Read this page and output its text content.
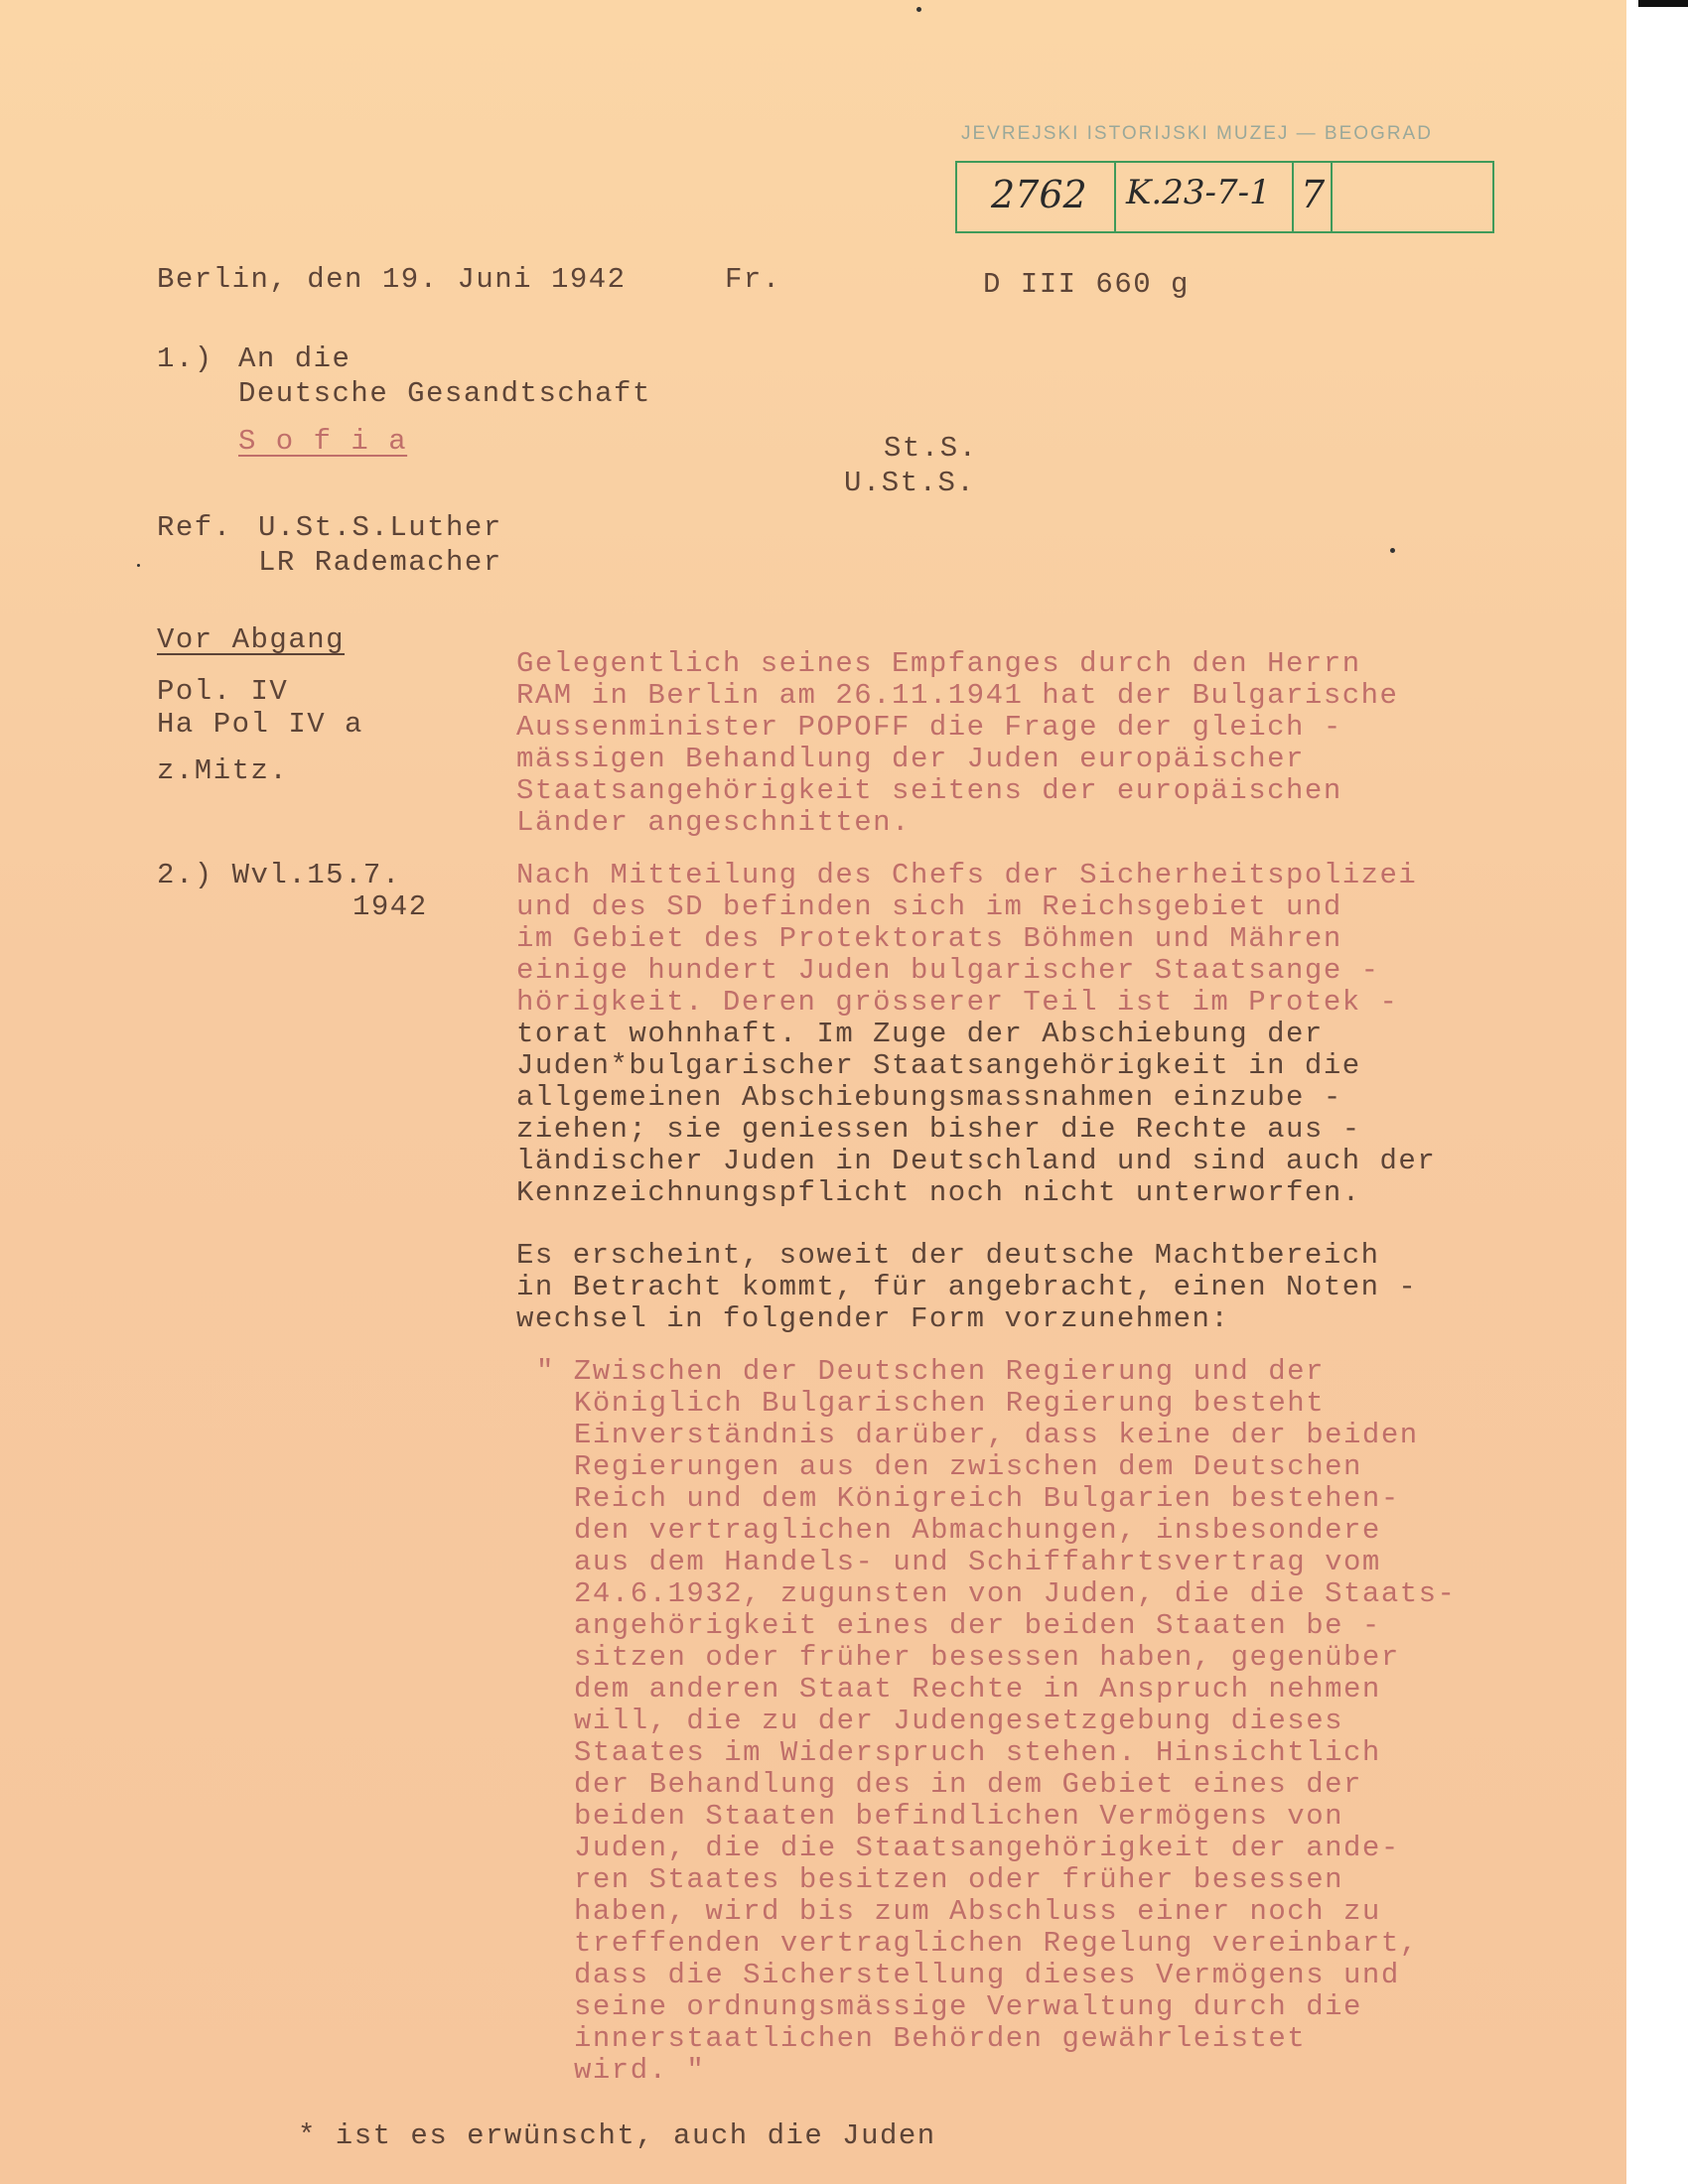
JEVREJSKI ISTORIJSKI MUZEJ — BEOGRAD
2762 K.23-7-1 7
Berlin, den 19. Juni 1942	Fr.	D III 660 g
1.) An die
Deutsche Gesandtschaft
S o f i a	St.S.
U.St.S.
Ref. U.St.S.Luther
LR Rademacher
Vor Abgang
Pol. IV
Ha Pol IV a
z.Mitz.
2.) Wvl.15.7.
1942
Gelegentlich seines Empfanges durch den Herrn
RAM in Berlin am 26.11.1941 hat der Bulgarische
Aussenminister POPOFF die Frage der gleich -
mässigen Behandlung der Juden europäischer
Staatsangehörigkeit seitens der europäischen
Länder angeschnitten.
Nach Mitteilung des Chefs der Sicherheitspolizei
und des SD befinden sich im Reichsgebiet und
im Gebiet des Protektorats Böhmen und Mähren
einige hundert Juden bulgarischer Staatsange -
hörigkeit. Deren grösserer Teil ist im Protek -
torat wohnhaft. Im Zuge der Abschiebung der
Juden*bulgarischer Staatsangehörigkeit in die
allgemeinen Abschiebungsmassnahmen einzube -
ziehen; sie geniessen bisher die Rechte aus -
ländischer Juden in Deutschland und sind auch der
Kennzeichnungspflicht noch nicht unterworfen.
Es erscheint, soweit der deutsche Machtbereich
in Betracht kommt, für angebracht, einen Noten -
wechsel in folgender Form vorzunehmen:
" Zwischen der Deutschen Regierung und der
Königlich Bulgarischen Regierung besteht
Einverständnis darüber, dass keine der beiden
Regierungen aus den zwischen dem Deutschen
Reich und dem Königreich Bulgarien bestehen-
den vertraglichen Abmachungen, insbesondere
aus dem Handels- und Schiffahrtsvertrag vom
24.6.1932, zugunsten von Juden, die die Staats-
angehörigkeit eines der beiden Staaten be -
sitzen oder früher besessen haben, gegenüber
dem anderen Staat Rechte in Anspruch nehmen
will, die zu der Judengesetzgebung dieses
Staates im Widerspruch stehen. Hinsichtlich
der Behandlung des in dem Gebiet eines der
beiden Staaten befindlichen Vermögens von
Juden, die die Staatsangehörigkeit der ande-
ren Staates besitzen oder früher besessen
haben, wird bis zum Abschluss einer noch zu
treffenden vertraglichen Regelung vereinbart,
dass die Sicherstellung dieses Vermögens und
seine ordnungsmässige Verwaltung durch die
innerstaatlichen Behörden gewährleistet
wird. "
* ist es erwünscht, auch die Juden
